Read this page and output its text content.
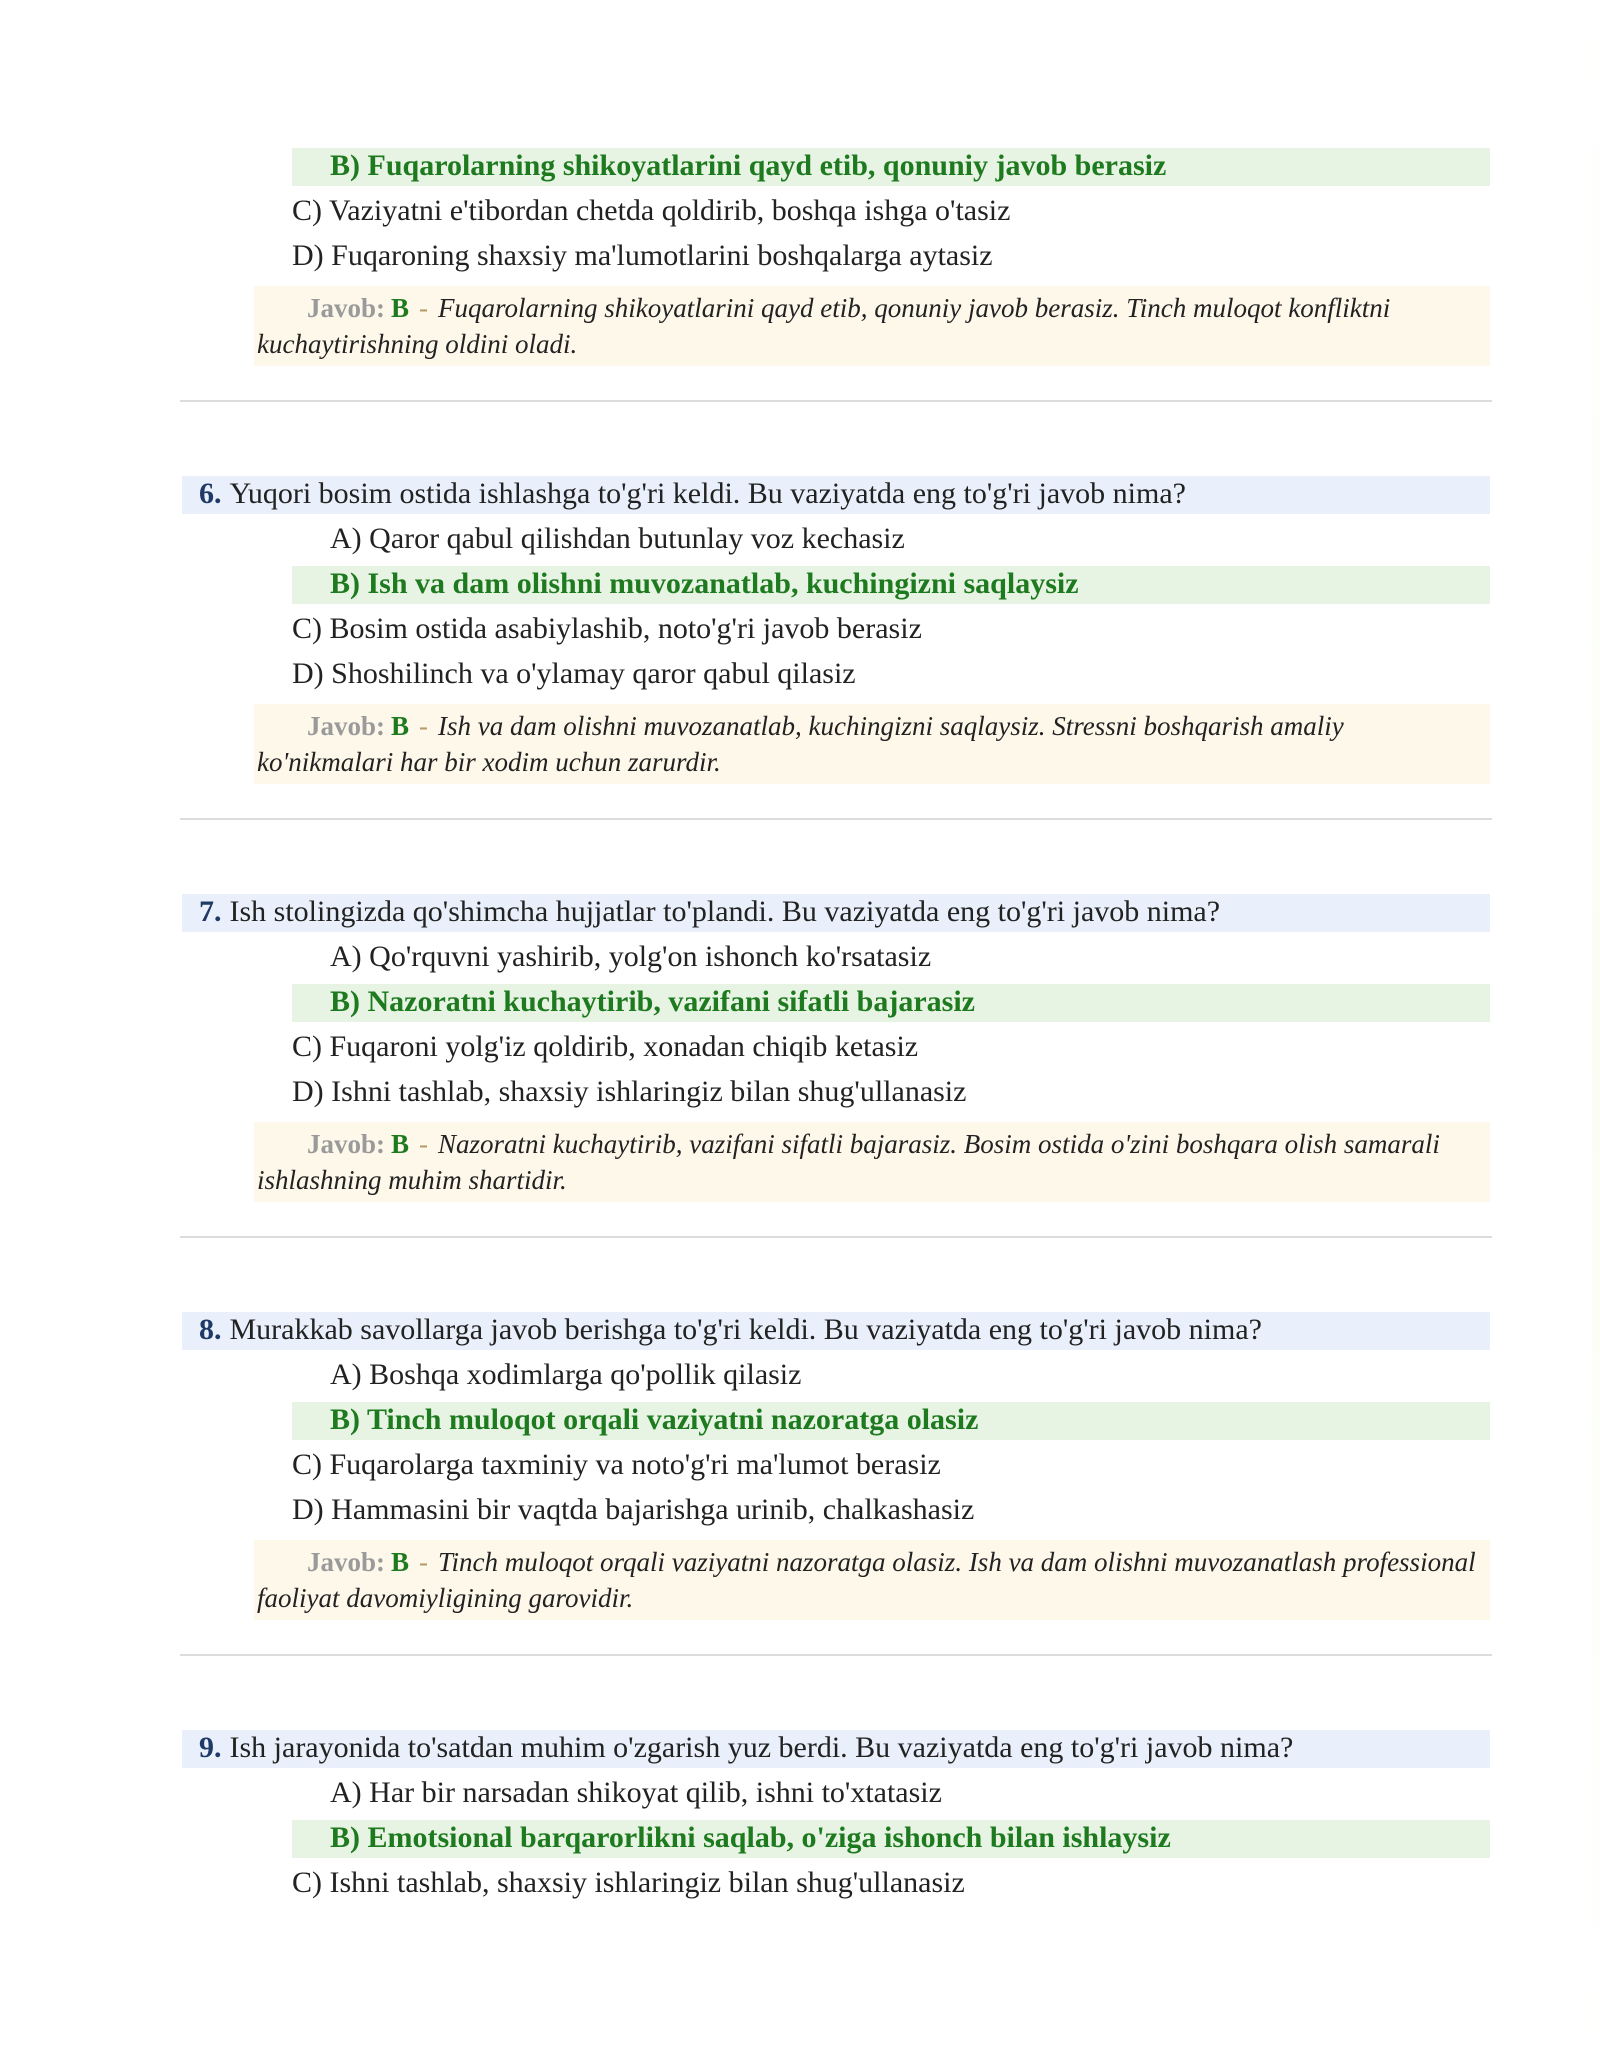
B) Fuqarolarning shikoyatlarini qayd etib, qonuniy javob berasiz
C) Vaziyatni e'tibordan chetda qoldirib, boshqa ishga o'tasiz
D) Fuqaroning shaxsiy ma'lumotlarini boshqalarga aytasiz
Javob: B - Fuqarolarning shikoyatlarini qayd etib, qonuniy javob berasiz. Tinch muloqot konfliktni kuchaytirishning oldini oladi.
6. Yuqori bosim ostida ishlashga to'g'ri keldi. Bu vaziyatda eng to'g'ri javob nima?
A) Qaror qabul qilishdan butunlay voz kechasiz
B) Ish va dam olishni muvozanatlab, kuchingizni saqlaysiz
C) Bosim ostida asabiylashib, noto'g'ri javob berasiz
D) Shoshilinch va o'ylamay qaror qabul qilasiz
Javob: B - Ish va dam olishni muvozanatlab, kuchingizni saqlaysiz. Stressni boshqarish amaliy ko'nikmalari har bir xodim uchun zarurdir.
7. Ish stolingizda qo'shimcha hujjatlar to'plandi. Bu vaziyatda eng to'g'ri javob nima?
A) Qo'rquvni yashirib, yolg'on ishonch ko'rsatasiz
B) Nazoratni kuchaytirib, vazifani sifatli bajarasiz
C) Fuqaroni yolg'iz qoldirib, xonadan chiqib ketasiz
D) Ishni tashlab, shaxsiy ishlaringiz bilan shug'ullanasiz
Javob: B - Nazoratni kuchaytirib, vazifani sifatli bajarasiz. Bosim ostida o'zini boshqara olish samarali ishlashning muhim shartidir.
8. Murakkab savollarga javob berishga to'g'ri keldi. Bu vaziyatda eng to'g'ri javob nima?
A) Boshqa xodimlarga qo'pollik qilasiz
B) Tinch muloqot orqali vaziyatni nazoratga olasiz
C) Fuqarolarga taxminiy va noto'g'ri ma'lumot berasiz
D) Hammasini bir vaqtda bajarishga urinib, chalkashasiz
Javob: B - Tinch muloqot orqali vaziyatni nazoratga olasiz. Ish va dam olishni muvozanatlash professional faoliyat davomiyligining garovidir.
9. Ish jarayonida to'satdan muhim o'zgarish yuz berdi. Bu vaziyatda eng to'g'ri javob nima?
A) Har bir narsadan shikoyat qilib, ishni to'xtatasiz
B) Emotsional barqarorlikni saqlab, o'ziga ishonch bilan ishlaysiz
C) Ishni tashlab, shaxsiy ishlaringiz bilan shug'ullanasiz
